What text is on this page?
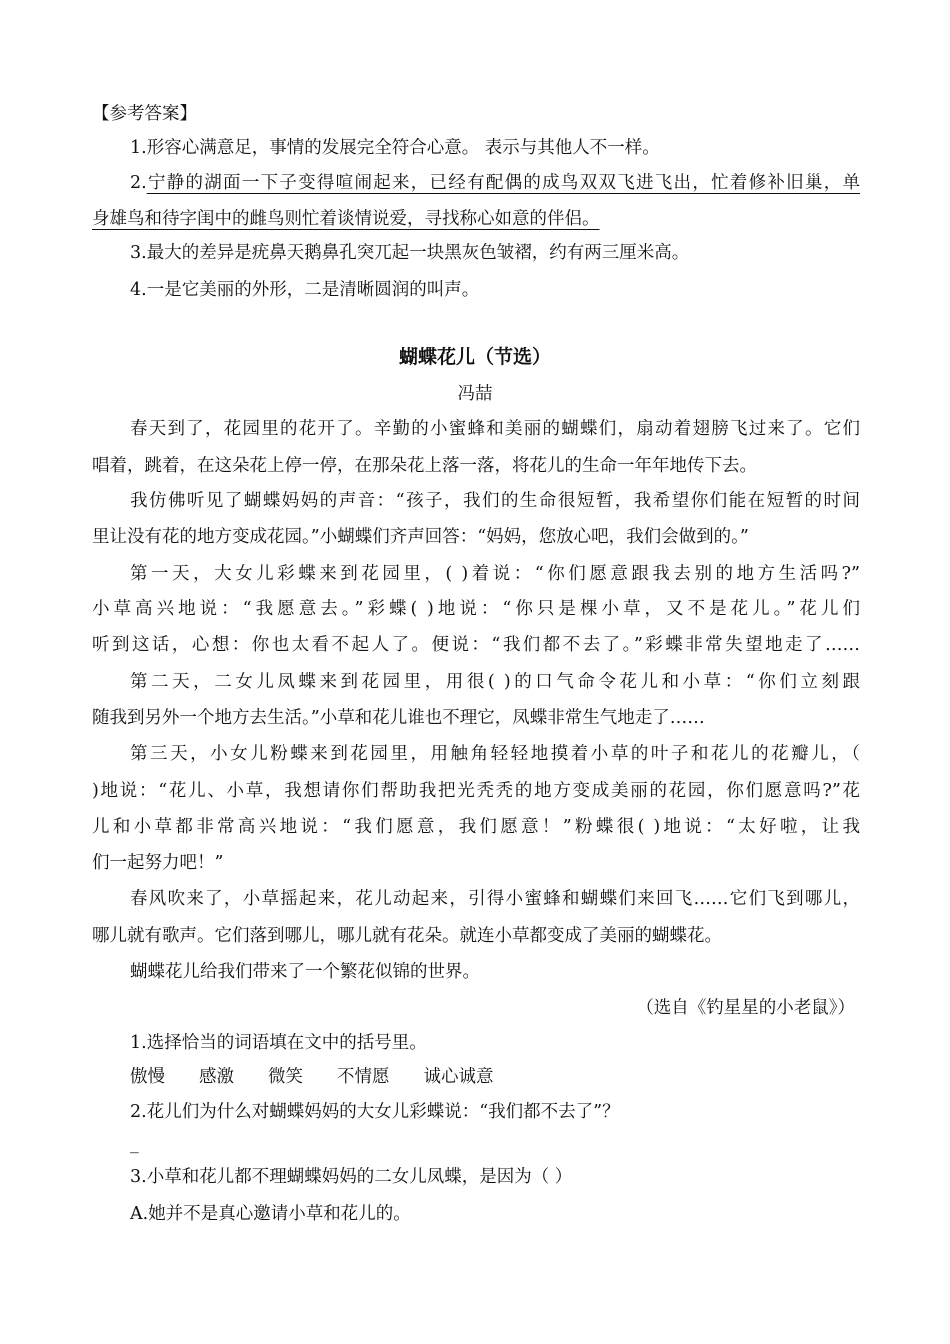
【参考答案】

1.形容心满意足，事情的发展完全符合心意。 表示与其他人不一样。

2.宁静的湖面一下子变得喧闹起来，已经有配偶的成鸟双双飞进飞出，忙着修补旧巢，单

身雄鸟和待字闺中的雌鸟则忙着谈情说爱，寻找称心如意的伴侣。

3.最大的差异是疣鼻天鹅鼻孔突兀起一块黑灰色皱褶，约有两三厘米高。

4.一是它美丽的外形，二是清晰圆润的叫声。

蝴蝶花儿（节选）

冯喆

春天到了，花园里的花开了。辛勤的小蜜蜂和美丽的蝴蝶们，扇动着翅膀飞过来了。它们

唱着，跳着，在这朵花上停一停，在那朵花上落一落，将花儿的生命一年年地传下去。

我仿佛听见了蝴蝶妈妈的声音：“孩子，我们的生命很短暂，我希望你们能在短暂的时间

里让没有花的地方变成花园。”小蝴蝶们齐声回答：“妈妈，您放心吧，我们会做到的。”

第一天，大女儿彩蝶来到花园里，( )着说：“你们愿意跟我去别的地方生活吗?”

小草高兴地说：“我愿意去。”彩蝶( )地说：“你只是棵小草，又不是花儿。”花儿们

听到这话，心想：你也太看不起人了。便说：“我们都不去了。”彩蝶非常失望地走了……

第二天，二女儿凤蝶来到花园里，用很( )的口气命令花儿和小草：“你们立刻跟

随我到另外一个地方去生活。”小草和花儿谁也不理它，凤蝶非常生气地走了……

第三天，小女儿粉蝶来到花园里，用触角轻轻地摸着小草的叶子和花儿的花瓣儿，（

)地说：“花儿、小草，我想请你们帮助我把光秃秃的地方变成美丽的花园，你们愿意吗?”花

儿和小草都非常高兴地说：“我们愿意，我们愿意！”粉蝶很( )地说：“太好啦，让我

们一起努力吧！”

春风吹来了，小草摇起来，花儿动起来，引得小蜜蜂和蝴蝶们来回飞……它们飞到哪儿，

哪儿就有歌声。它们落到哪儿，哪儿就有花朵。就连小草都变成了美丽的蝴蝶花。

蝴蝶花儿给我们带来了一个繁花似锦的世界。

（选自《钓星星的小老鼠》）

1.选择恰当的词语填在文中的括号里。

傲慢 感激 微笑 不情愿 诚心诚意

2.花儿们为什么对蝴蝶妈妈的大女儿彩蝶说：“我们都不去了”？

_

3.小草和花儿都不理蝴蝶妈妈的二女儿凤蝶，是因为（ ）

A.她并不是真心邀请小草和花儿的。
